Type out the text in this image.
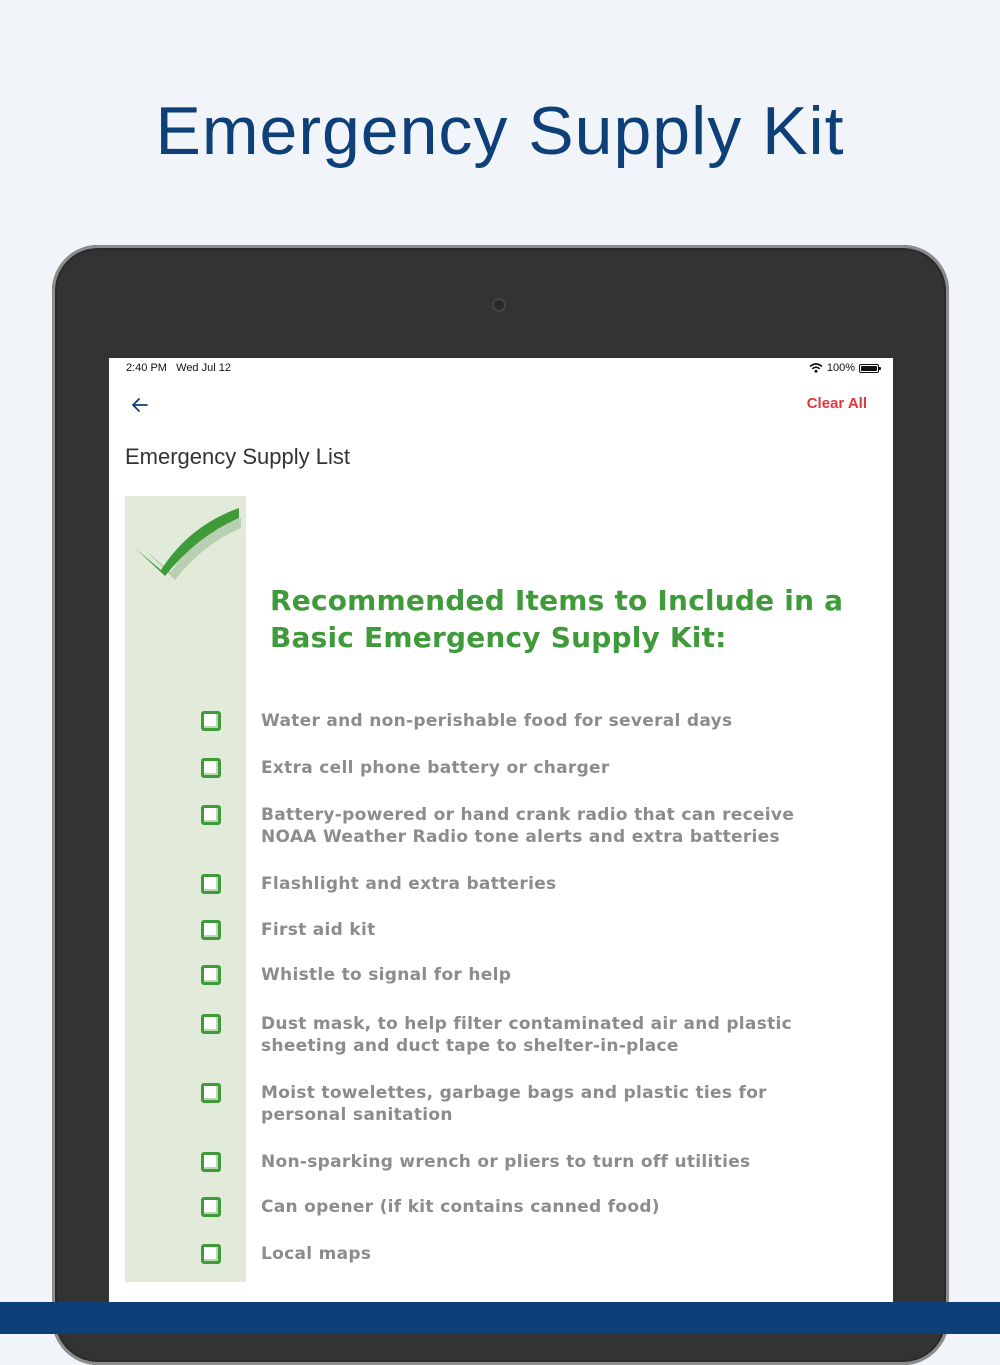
Emergency Supply Kit
2:40 PM   Wed Jul 12	100%
Clear All
Emergency Supply List
Recommended Items to Include in a Basic Emergency Supply Kit:
Water and non-perishable food for several days
Extra cell phone battery or charger
Battery-powered or hand crank radio that can receive NOAA Weather Radio tone alerts and extra batteries
Flashlight and extra batteries
First aid kit
Whistle to signal for help
Dust mask, to help filter contaminated air and plastic sheeting and duct tape to shelter-in-place
Moist towelettes, garbage bags and plastic ties for personal sanitation
Non-sparking wrench or pliers to turn off utilities
Can opener (if kit contains canned food)
Local maps
